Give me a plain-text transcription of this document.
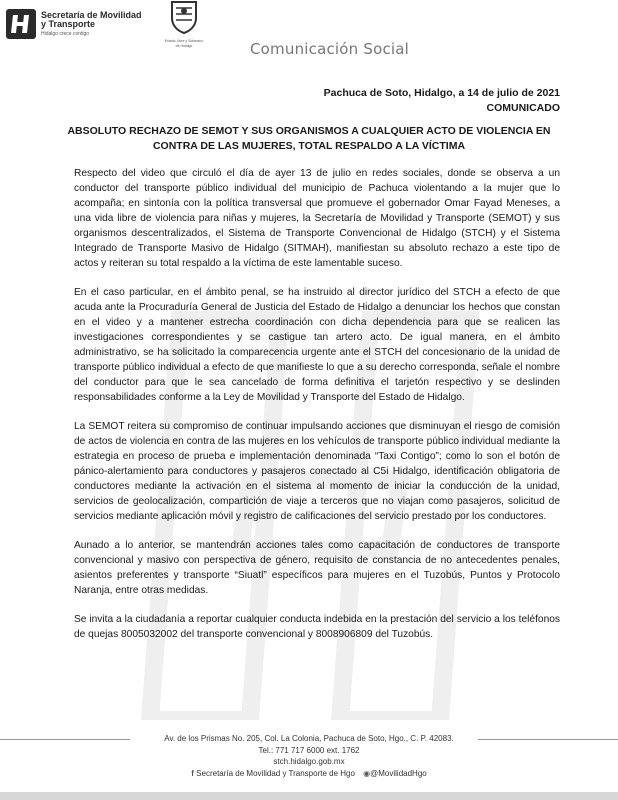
Secretaría de Movilidad
y Transporte
Hidalgo crece contigo
Estado Libre y Soberano
de Hidalgo	Comunicación Social
Pachuca de Soto, Hidalgo, a 14 de julio de 2021
COMUNICADO
ABSOLUTO RECHAZO DE SEMOT Y SUS ORGANISMOS A CUALQUIER ACTO DE VIOLENCIA EN CONTRA DE LAS MUJERES, TOTAL RESPALDO A LA VÍCTIMA

Respecto del video que circuló el día de ayer 13 de julio en redes sociales, donde se observa a un conductor del transporte público individual del municipio de Pachuca violentando a la mujer que lo acompaña; en sintonía con la política transversal que promueve el gobernador Omar Fayad Meneses, a una vida libre de violencia para niñas y mujeres, la Secretaría de Movilidad y Transporte (SEMOT) y sus organismos descentralizados, el Sistema de Transporte Convencional de Hidalgo (STCH) y el Sistema Integrado de Transporte Masivo de Hidalgo (SITMAH), manifiestan su absoluto rechazo a este tipo de actos y reiteran su total respaldo a la víctima de este lamentable suceso.

En el caso particular, en el ámbito penal, se ha instruido al director jurídico del STCH a efecto de que acuda ante la Procuraduría General de Justicia del Estado de Hidalgo a denunciar los hechos que constan en el video y a mantener estrecha coordinación con dicha dependencia para que se realicen las investigaciones correspondientes y se castigue tan artero acto. De igual manera, en el ámbito administrativo, se ha solicitado la comparecencia urgente ante el STCH del concesionario de la unidad de transporte público individual a efecto de que manifieste lo que a su derecho corresponda, señale el nombre del conductor para que le sea cancelado de forma definitiva el tarjetón respectivo y se deslinden responsabilidades conforme a la Ley de Movilidad y Transporte del Estado de Hidalgo.

La SEMOT reitera su compromiso de continuar impulsando acciones que disminuyan el riesgo de comisión de actos de violencia en contra de las mujeres en los vehículos de transporte público individual mediante la estrategia en proceso de prueba e implementación denominada “Taxi Contigo”; como lo son el botón de pánico-alertamiento para conductores y pasajeros conectado al C5i Hidalgo, identificación obligatoria de conductores mediante la activación en el sistema al momento de iniciar la conducción de la unidad, servicios de geolocalización, compartición de viaje a terceros que no viajan como pasajeros, solicitud de servicios mediante aplicación móvil y registro de calificaciones del servicio prestado por los conductores.

Aunado a lo anterior, se mantendrán acciones tales como capacitación de conductores de transporte convencional y masivo con perspectiva de género, requisito de constancia de no antecedentes penales, asientos preferentes y transporte “Siuatl” específicos para mujeres en el Tuzobús, Puntos y Protocolo Naranja, entre otras medidas.

Se invita a la ciudadanía a reportar cualquier conducta indebida en la prestación del servicio a los teléfonos de quejas 8005032002 del transporte convencional y 8008906809 del Tuzobús.

Av. de los Prismas No. 205, Col. La Colonia, Pachuca de Soto, Hgo., C. P. 42083.
Tel.: 771 717 6000 ext. 1762
stch.hidalgo.gob.mx
f Secretaría de Movilidad y Transporte de Hgo ◉@MovilidadHgo
